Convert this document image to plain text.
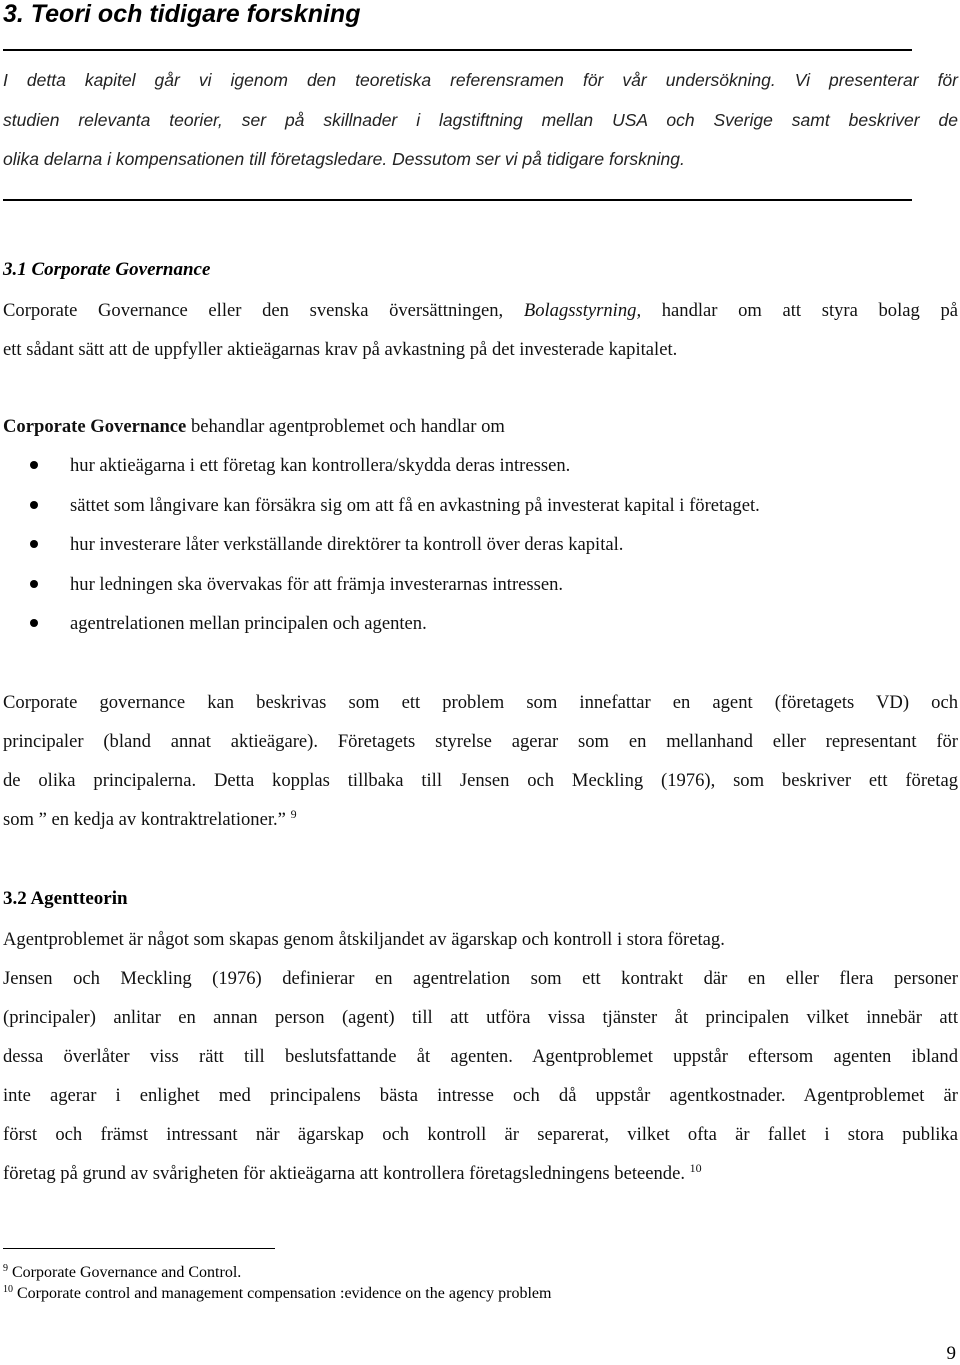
3. Teori och tidigare forskning

I detta kapitel går vi igenom den teoretiska referensramen för vår undersökning. Vi presenterar för
studien relevanta teorier, ser på skillnader i lagstiftning mellan USA och Sverige samt beskriver de
olika delarna i kompensationen till företagsledare. Dessutom ser vi på tidigare forskning.

3.1 Corporate Governance

Corporate Governance eller den svenska översättningen, Bolagsstyrning, handlar om att styra bolag på
ett sådant sätt att de uppfyller aktieägarnas krav på avkastning på det investerade kapitalet.

Corporate Governance behandlar agentproblemet och handlar om

hur aktieägarna i ett företag kan kontrollera/skydda deras intressen.
sättet som långivare kan försäkra sig om att få en avkastning på investerat kapital i företaget.
hur investerare låter verkställande direktörer ta kontroll över deras kapital.
hur ledningen ska övervakas för att främja investerarnas intressen.
agentrelationen mellan principalen och agenten.

Corporate governance kan beskrivas som ett problem som innefattar en agent (företagets VD) och
principaler (bland annat aktieägare). Företagets styrelse agerar som en mellanhand eller representant för
de olika principalerna. Detta kopplas tillbaka till Jensen och Meckling (1976), som beskriver ett företag
som ” en kedja av kontraktrelationer.” $^9$

3.2 Agentteorin

Agentproblemet är något som skapas genom åtskiljandet av ägarskap och kontroll i stora företag.

Jensen och Meckling (1976) definierar en agentrelation som ett kontrakt där en eller flera personer
(principaler) anlitar en annan person (agent) till att utföra vissa tjänster åt principalen vilket innebär att
dessa överlåter viss rätt till beslutsfattande åt agenten. Agentproblemet uppstår eftersom agenten ibland
inte agerar i enlighet med principalens bästa intresse och då uppstår agentkostnader. Agentproblemet är
först och främst intressant när ägarskap och kontroll är separerat, vilket ofta är fallet i stora publika
företag på grund av svårigheten för aktieägarna att kontrollera företagsledningens beteende. $^{10}$

$^9$ Corporate Governance and Control.

$^{10}$ Corporate control and management compensation :evidence on the agency problem

9
